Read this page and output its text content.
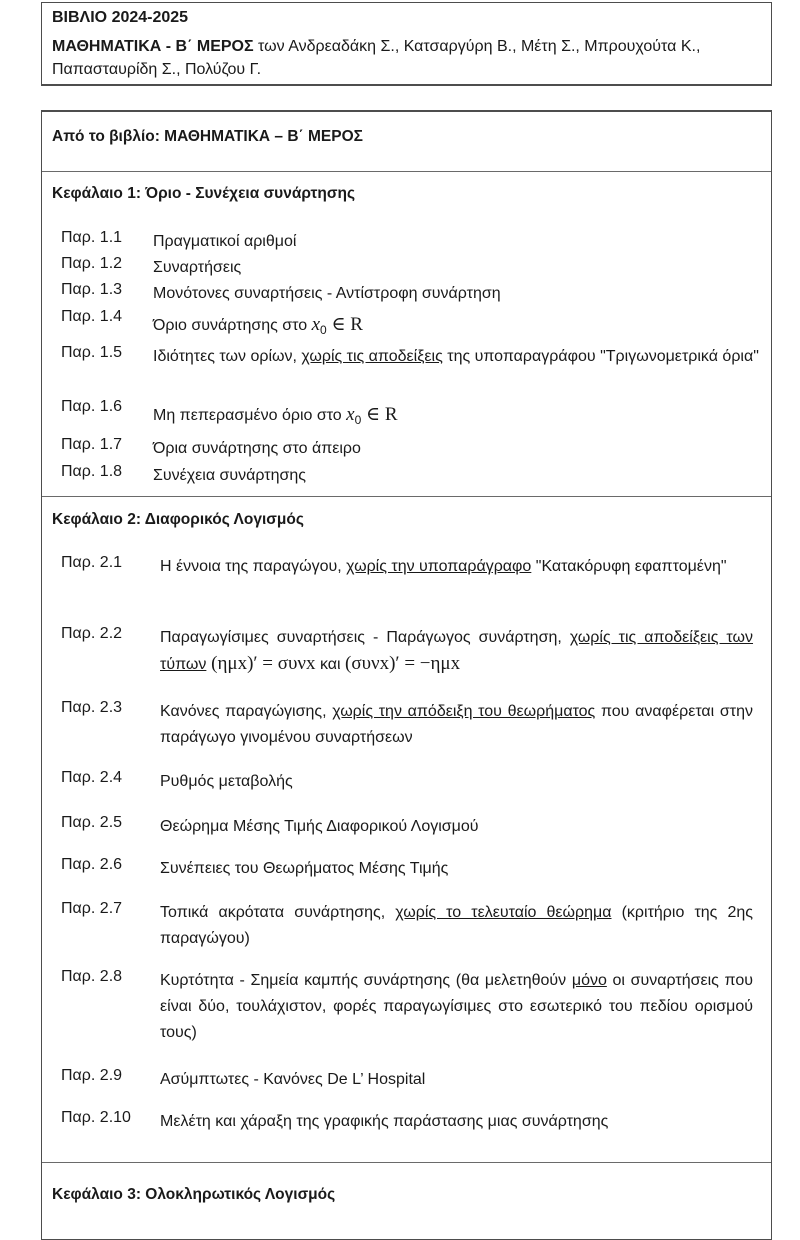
ΒΙΒΛΙΟ 2024-2025
ΜΑΘΗΜΑΤΙΚΑ - Β΄ ΜΕΡΟΣ των Ανδρεαδάκη Σ., Κατσαργύρη Β., Μέτη Σ., Μπρουχούτα Κ.,
Παπασταυρίδη Σ., Πολύζου Γ.
Από το βιβλίο: ΜΑΘΗΜΑΤΙΚΑ – Β΄ ΜΕΡΟΣ
Κεφάλαιο 1: Όριο - Συνέχεια συνάρτησης
Παρ. 1.1 Πραγματικοί αριθμοί
Παρ. 1.2 Συναρτήσεις
Παρ. 1.3 Μονότονες συναρτήσεις - Αντίστροφη συνάρτηση
Παρ. 1.4
Όριο συνάρτησης στο $x_0$ ∈ R
Παρ. 1.5 Ιδιότητες των ορίων, χωρίς τις αποδείξεις της υποπαραγράφου "Τριγωνομετρικά όρια"
Παρ. 1.6
Μη πεπερασμένο όριο στο $x_0$ ∈ R
Παρ. 1.7 Όρια συνάρτησης στο άπειρο
Παρ. 1.8 Συνέχεια συνάρτησης
Κεφάλαιο 2: Διαφορικός Λογισμός
Παρ. 2.1 Η έννοια της παραγώγου, χωρίς την υποπαράγραφο "Κατακόρυφη εφαπτομένη"
Παρ. 2.2 Παραγωγίσιμες συναρτήσεις - Παράγωγος συνάρτηση, χωρίς τις αποδείξεις των τύπων (ημx)′ = συνx και (συνx)′ = −ημx
Παρ. 2.3 Κανόνες παραγώγισης, χωρίς την απόδειξη του θεωρήματος που αναφέρεται στην παράγωγο γινομένου συναρτήσεων
Παρ. 2.4 Ρυθμός μεταβολής
Παρ. 2.5 Θεώρημα Μέσης Τιμής Διαφορικού Λογισμού
Παρ. 2.6 Συνέπειες του Θεωρήματος Μέσης Τιμής
Παρ. 2.7 Τοπικά ακρότατα συνάρτησης, χωρίς το τελευταίο θεώρημα (κριτήριο της 2ης παραγώγου)
Παρ. 2.8 Κυρτότητα - Σημεία καμπής συνάρτησης (θα μελετηθούν μόνο οι συναρτήσεις που είναι δύο, τουλάχιστον, φορές παραγωγίσιμες στο εσωτερικό του πεδίου ορισμού τους)
Παρ. 2.9 Ασύμπτωτες - Κανόνες De L’ Hospital
Παρ. 2.10 Μελέτη και χάραξη της γραφικής παράστασης μιας συνάρτησης
Κεφάλαιο 3: Ολοκληρωτικός Λογισμός
